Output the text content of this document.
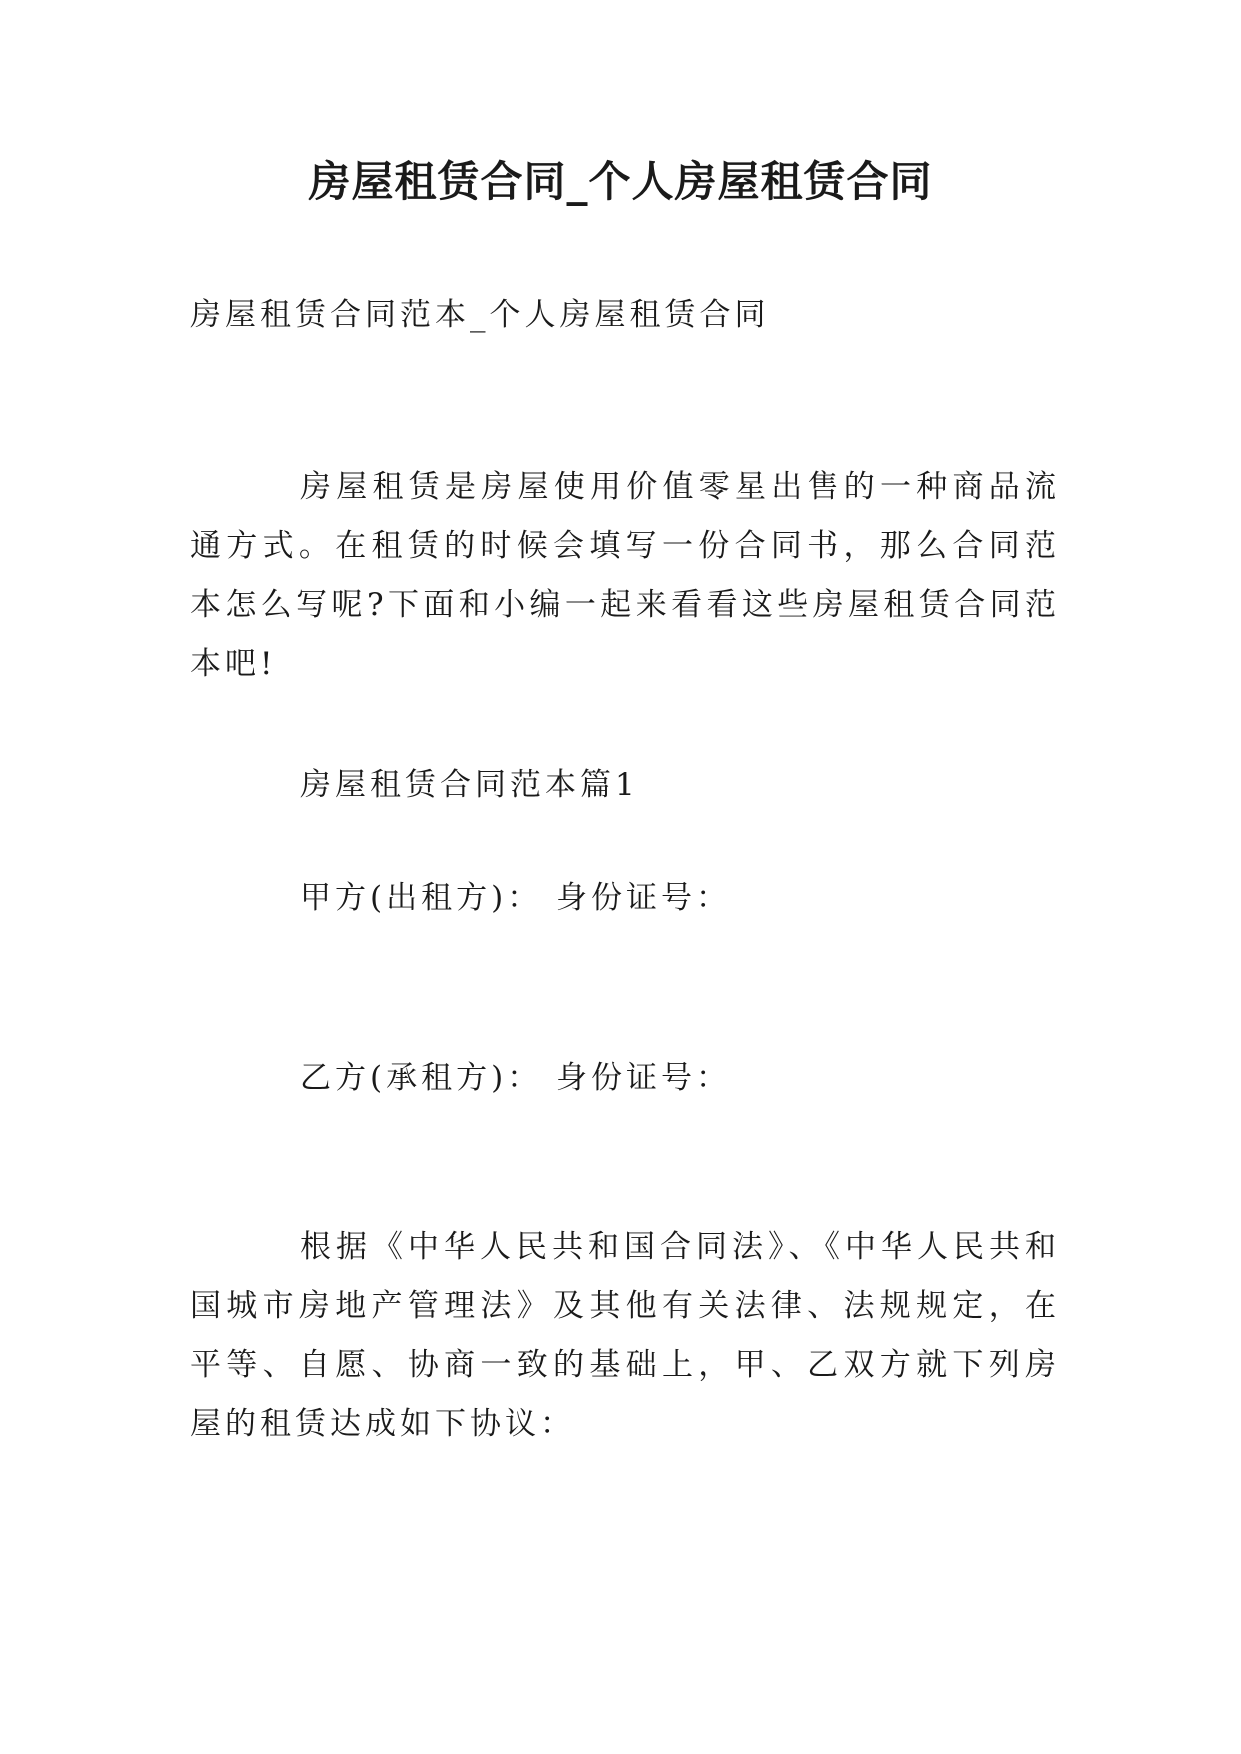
房屋租赁合同_个人房屋租赁合同

房屋租赁合同范本_个人房屋租赁合同

房屋租赁是房屋使用价值零星出售的一种商品流通方式。在租赁的时候会填写一份合同书，那么合同范本怎么写呢?下面和小编一起来看看这些房屋租赁合同范本吧!

房屋租赁合同范本篇1

甲方(出租方)： 身份证号：

乙方(承租方)： 身份证号：

根据《中华人民共和国合同法》、《中华人民共和国城市房地产管理法》及其他有关法律、法规规定，在平等、自愿、协商一致的基础上，甲、乙双方就下列房屋的租赁达成如下协议：
